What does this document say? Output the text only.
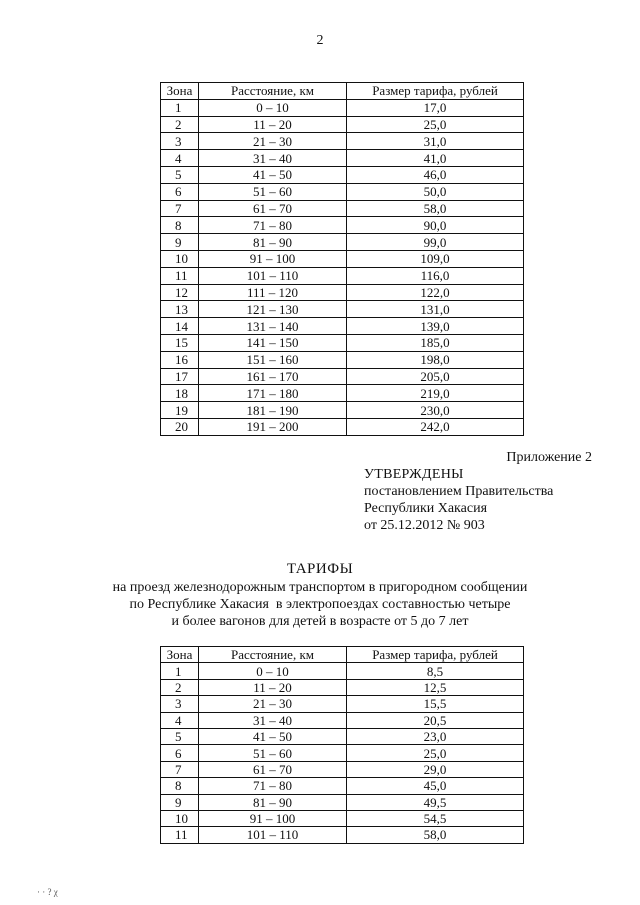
2
Зона	Расстояние, км	Размер тарифа, рублей
1	0 – 10	17,0
2	11 – 20	25,0
3	21 – 30	31,0
4	31 – 40	41,0
5	41 – 50	46,0
6	51 – 60	50,0
7	61 – 70	58,0
8	71 – 80	90,0
9	81 – 90	99,0
10	91 – 100	109,0
11	101 – 110	116,0
12	111 – 120	122,0
13	121 – 130	131,0
14	131 – 140	139,0
15	141 – 150	185,0
16	151 – 160	198,0
17	161 – 170	205,0
18	171 – 180	219,0
19	181 – 190	230,0
20	191 – 200	242,0
Приложение 2
УТВЕРЖДЕНЫ
постановлением Правительства
Республики Хакасия
от 25.12.2012 № 903
ТАРИФЫ
на проезд железнодорожным транспортом в пригородном сообщении
по Республике Хакасия  в электропоездах составностью четыре
и более вагонов для детей в возрасте от 5 до 7 лет
Зона	Расстояние, км	Размер тарифа, рублей
1	0 – 10	8,5
2	11 – 20	12,5
3	21 – 30	15,5
4	31 – 40	20,5
5	41 – 50	23,0
6	51 – 60	25,0
7	61 – 70	29,0
8	71 – 80	45,0
9	81 – 90	49,5
10	91 – 100	54,5
11	101 – 110	58,0
· · ? χ
